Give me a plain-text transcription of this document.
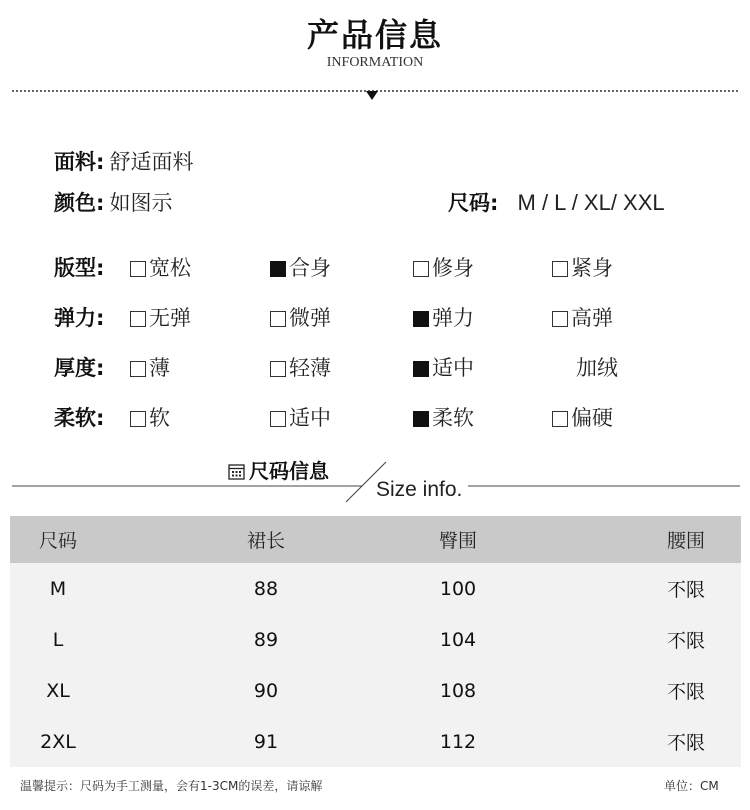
产品信息
INFORMATION
面料: 舒适面料
颜色: 如图示	尺码: M / L / XL/ XXL
版型:	宽松	合身	修身	紧身
弹力:	无弹	微弹	弹力	高弹
厚度:	薄	轻薄	适中	加绒
柔软:	软	适中	柔软	偏硬
尺码信息
Size info.
尺码	裙长	臀围	腰围
M	88	100	不限
L	89	104	不限
XL	90	108	不限
2XL	91	112	不限
温馨提示：尺码为手工测量，会有1-3CM的误差，请谅解	单位：CM
